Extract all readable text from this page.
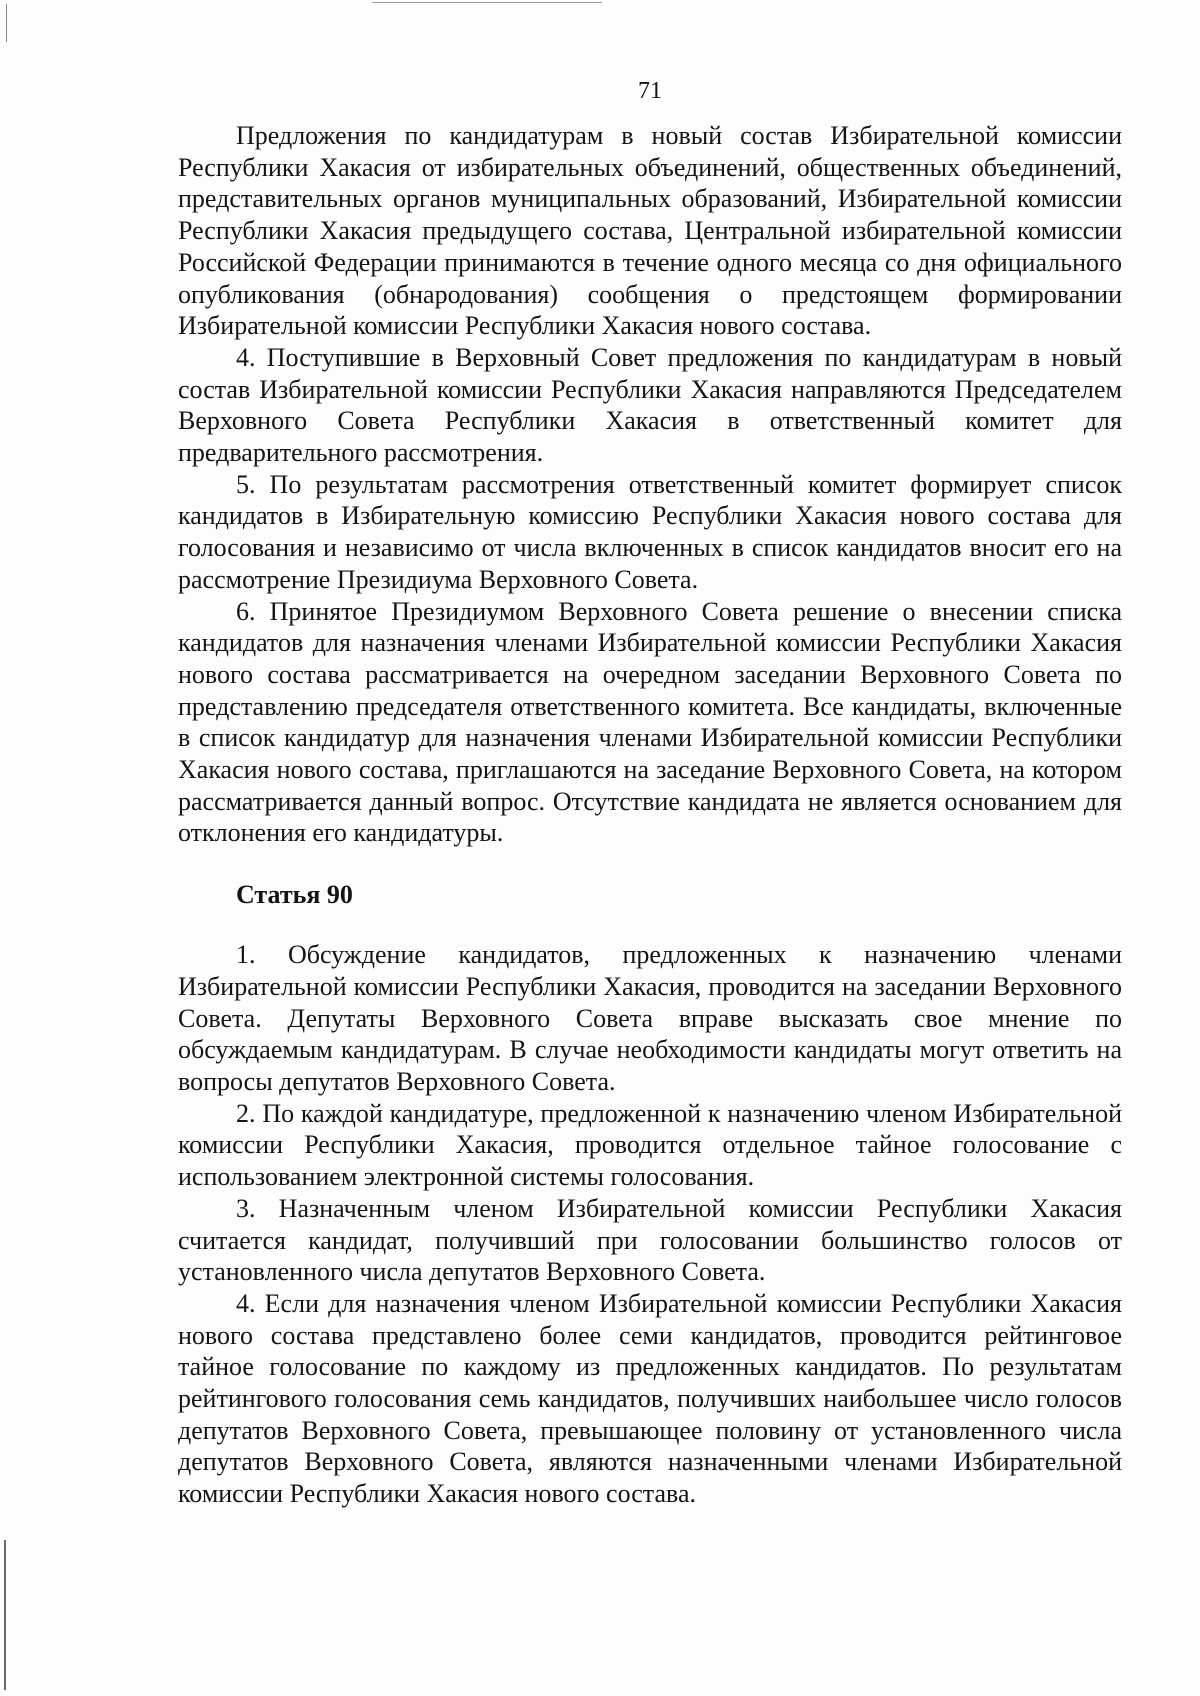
71

Предложения по кандидатурам в новый состав Избирательной комиссии Республики Хакасия от избирательных объединений, общественных объединений, представительных органов муниципальных образований, Избирательной комиссии Республики Хакасия предыдущего состава, Центральной избирательной комиссии Российской Федерации принимаются в течение одного месяца со дня официального опубликования (обнародования) сообщения о предстоящем формировании Избирательной комиссии Республики Хакасия нового состава.

4. Поступившие в Верховный Совет предложения по кандидатурам в новый состав Избирательной комиссии Республики Хакасия направляются Председателем Верховного Совета Республики Хакасия в ответственный комитет для предварительного рассмотрения.

5. По результатам рассмотрения ответственный комитет формирует список кандидатов в Избирательную комиссию Республики Хакасия нового состава для голосования и независимо от числа включенных в список кандидатов вносит его на рассмотрение Президиума Верховного Совета.

6. Принятое Президиумом Верховного Совета решение о внесении списка кандидатов для назначения членами Избирательной комиссии Республики Хакасия нового состава рассматривается на очередном заседании Верховного Совета по представлению председателя ответственного комитета. Все кандидаты, включенные в список кандидатур для назначения членами Избирательной комиссии Республики Хакасия нового состава, приглашаются на заседание Верховного Совета, на котором рассматривается данный вопрос. Отсутствие кандидата не является основанием для отклонения его кандидатуры.

Статья 90

1. Обсуждение кандидатов, предложенных к назначению членами Избирательной комиссии Республики Хакасия, проводится на заседании Верховного Совета. Депутаты Верховного Совета вправе высказать свое мнение по обсуждаемым кандидатурам. В случае необходимости кандидаты могут ответить на вопросы депутатов Верховного Совета.

2. По каждой кандидатуре, предложенной к назначению членом Избирательной комиссии Республики Хакасия, проводится отдельное тайное голосование с использованием электронной системы голосования.

3. Назначенным членом Избирательной комиссии Республики Хакасия считается кандидат, получивший при голосовании большинство голосов от установленного числа депутатов Верховного Совета.

4. Если для назначения членом Избирательной комиссии Республики Хакасия нового состава представлено более семи кандидатов, проводится рейтинговое тайное голосование по каждому из предложенных кандидатов. По результатам рейтингового голосования семь кандидатов, получивших наибольшее число голосов депутатов Верховного Совета, превышающее половину от установленного числа депутатов Верховного Совета, являются назначенными членами Избирательной комиссии Республики Хакасия нового состава.
